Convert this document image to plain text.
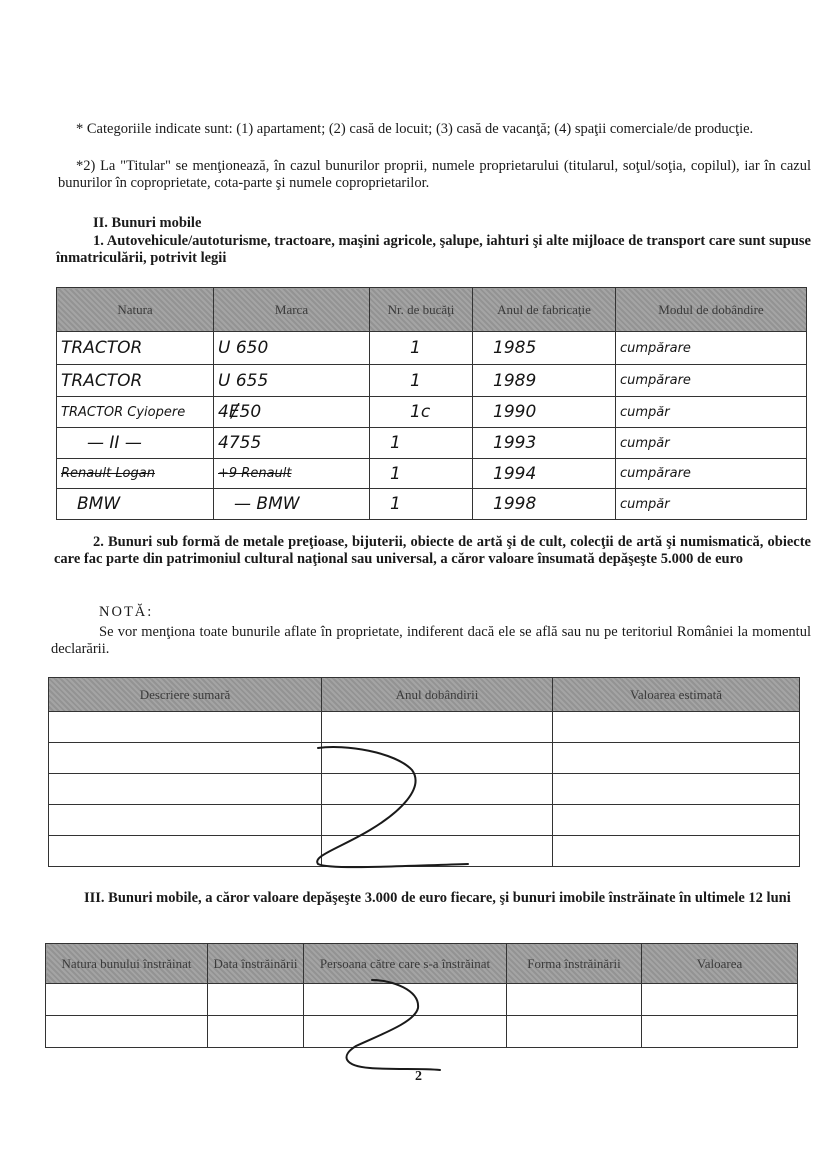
* Categoriile indicate sunt: (1) apartament; (2) casă de locuit; (3) casă de vacanţă; (4) spaţii comerciale/de producţie.
*2) La "Titular" se menţionează, în cazul bunurilor proprii, numele proprietarului (titularul, soţul/soţia, copilul), iar în cazul bunurilor în coproprietate, cota-parte şi numele coproprietarilor.
II. Bunuri mobile
1. Autovehicule/autoturisme, tractoare, maşini agricole, şalupe, iahturi şi alte mijloace de transport care sunt supuse înmatriculării, potrivit legii
Natura	Marca	Nr. de bucăţi	Anul de fabricaţie	Modul de dobândire
TRACTOR	U 650	1	1985	cumpărare
TRACTOR	U 655	1	1989	cumpărare
TRACTOR Cyiopere	4Ɇ50	1c	1990	cumpăr
— II —	4755	1	1993	cumpăr
Renault Logan	+9 Renault	1	1994	cumpărare
BMW	— BMW	1	1998	cumpăr
2. Bunuri sub formă de metale preţioase, bijuterii, obiecte de artă şi de cult, colecţii de artă şi numismatică, obiecte care fac parte din patrimoniul cultural naţional sau universal, a căror valoare însumată depăşeşte 5.000 de euro
NOTĂ:
Se vor menţiona toate bunurile aflate în proprietate, indiferent dacă ele se află sau nu pe teritoriul României la momentul declarării.
Descriere sumară	Anul dobândirii	Valoarea estimată

III. Bunuri mobile, a căror valoare depăşeşte 3.000 de euro fiecare, şi bunuri imobile înstrăinate în ultimele 12 luni
Natura bunului înstrăinat	Data înstrăinării	Persoana către care s-a înstrăinat	Forma înstrăinării	Valoarea

2
